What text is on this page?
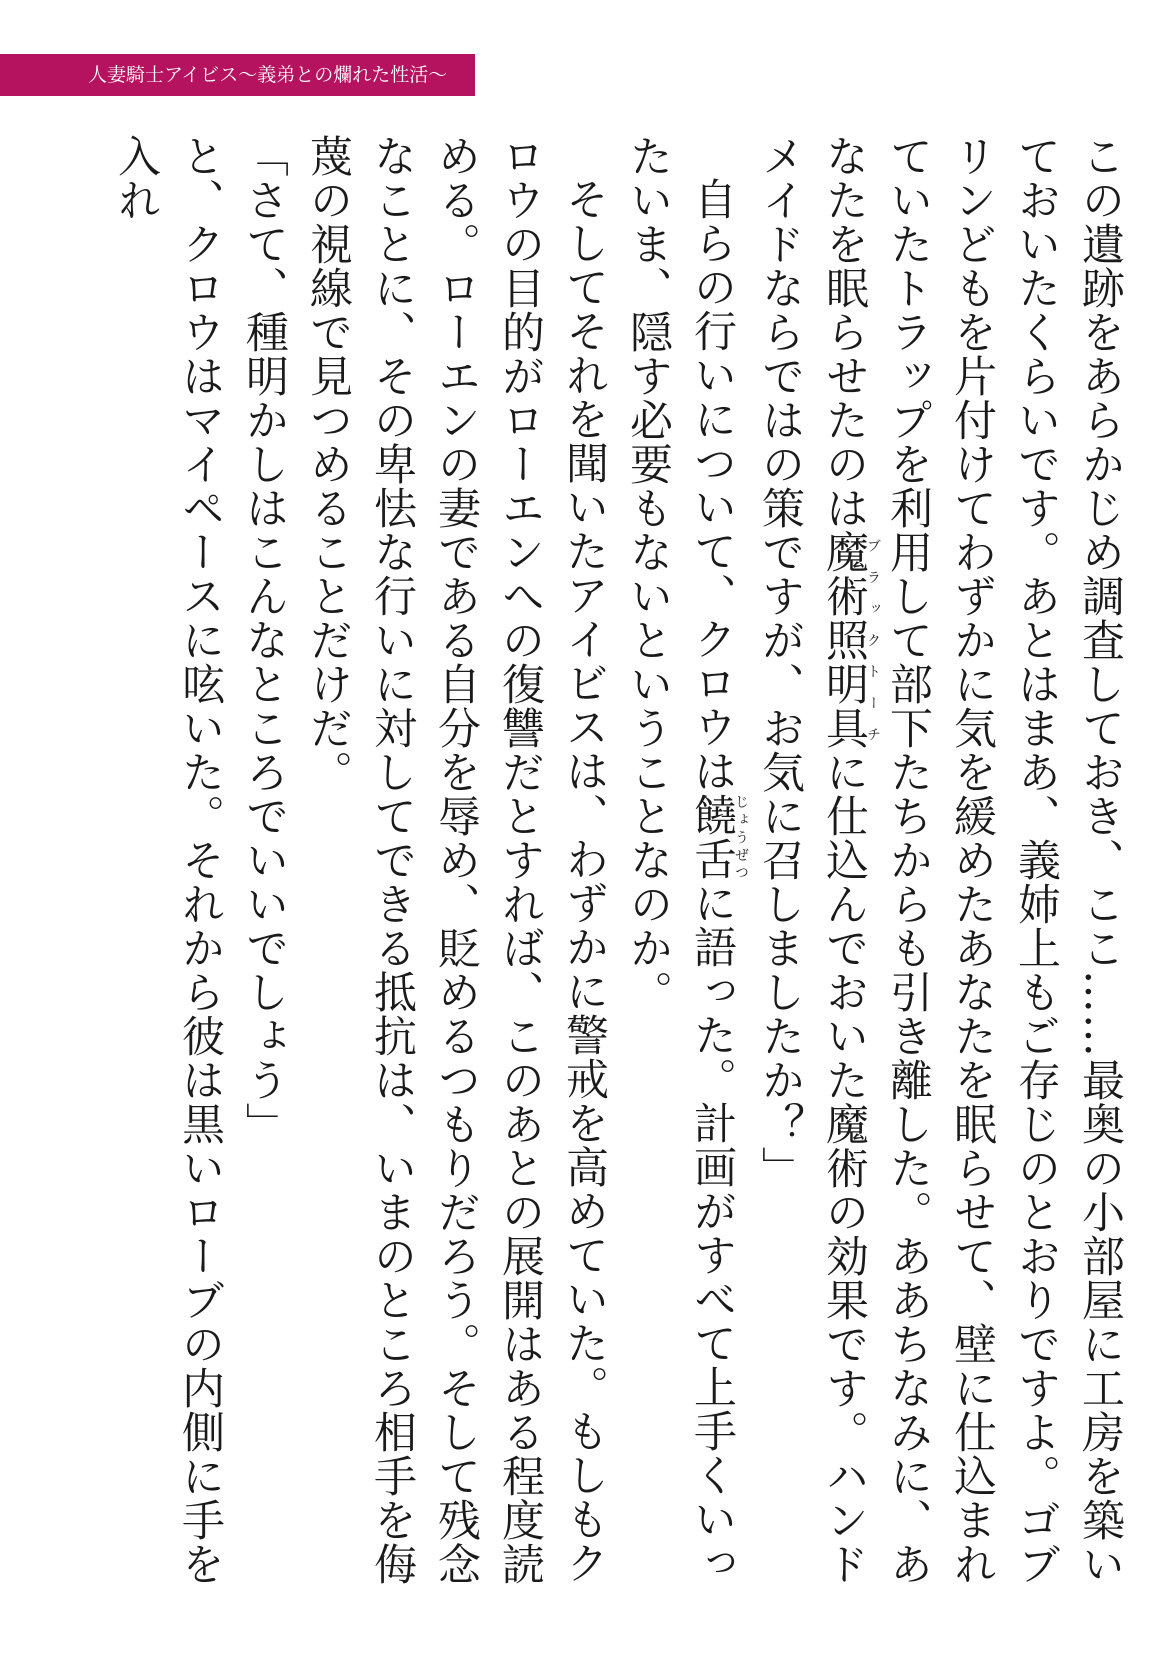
人妻騎士アイビス〜義弟との爛れた性活〜

この遺跡をあらかじめ調査しておき、ここ……最奥の小部屋に工房を築いておいたくらいです。あとはまあ、義姉上もご存じのとおりですよ。ゴブリンどもを片付けてわずかに気を緩めたあなたを眠らせて、壁に仕込まれていたトラップを利用して部下たちからも引き離した。ああちなみに、あなたを眠らせたのは魔術照明具ブラックトーチに仕込んでおいた魔術の効果です。ハンドメイドならではの策ですが、お気に召しましたか？」

自らの行いについて、クロウは饒舌じょうぜつに語った。計画がすべて上手くいったいま、隠す必要もないということなのか。

そしてそれを聞いたアイビスは、わずかに警戒を高めていた。もしもクロウの目的がローエンへの復讐だとすれば、このあとの展開はある程度読める。ローエンの妻である自分を辱め、貶めるつもりだろう。そして残念なことに、その卑怯な行いに対してできる抵抗は、いまのところ相手を侮蔑の視線で見つめることだけだ。

「さて、種明かしはこんなところでいいでしょう」

と、クロウはマイペースに呟いた。それから彼は黒いローブの内側に手を入れ
